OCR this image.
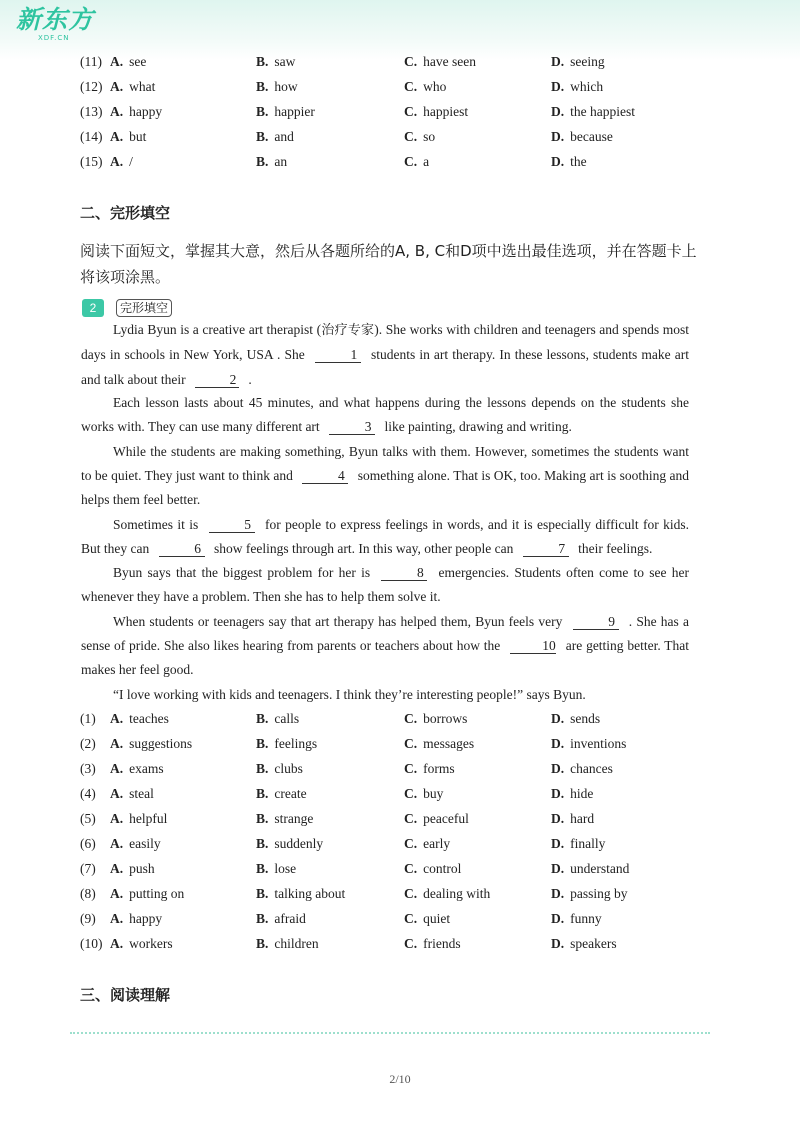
新东方
XDF.CN
(11) A. see	B. saw	C. have seen	D. seeing
(12) A. what	B. how	C. who	D. which
(13) A. happy	B. happier	C. happiest	D. the happiest
(14) A. but	B. and	C. so	D. because
(15) A. /	B. an	C. a	D. the
二、完形填空
阅读下面短文，掌握其大意，然后从各题所给的A, B, C和D项中选出最佳选项，并在答题卡上将该项涂黑。
2 完形填空
Lydia Byun is a creative art therapist (治疗专家). She works with children and teenagers and spends most days in schools in New York, USA . She	1 students in art therapy. In these lessons, students make art and talk about their	2 .
Each lesson lasts about 45 minutes, and what happens during the lessons depends on the students she works with. They can use many different art	3 like painting, drawing and writing.
While the students are making something, Byun talks with them. However, sometimes the students want to be quiet. They just want to think and	4 something alone. That is OK, too. Making art is soothing and helps them feel better.
Sometimes it is	5 for people to express feelings in words, and it is especially difficult for kids. But they can	6 show feelings through art. In this way, other people can	7 their feelings.
Byun says that the biggest problem for her is	8 emergencies. Students often come to see her whenever they have a problem. Then she has to help them solve it.
When students or teenagers say that art therapy has helped them, Byun feels very	9 . She has a sense of pride. She also likes hearing from parents or teachers about how the	10 are getting better. That makes her feel good.
“I love working with kids and teenagers. I think they’re interesting people!” says Byun.
(1) A. teaches	B. calls	C. borrows	D. sends
(2) A. suggestions	B. feelings	C. messages	D. inventions
(3) A. exams	B. clubs	C. forms	D. chances
(4) A. steal	B. create	C. buy	D. hide
(5) A. helpful	B. strange	C. peaceful	D. hard
(6) A. easily	B. suddenly	C. early	D. finally
(7) A. push	B. lose	C. control	D. understand
(8) A. putting on	B. talking about	C. dealing with	D. passing by
(9) A. happy	B. afraid	C. quiet	D. funny
(10) A. workers	B. children	C. friends	D. speakers
三、阅读理解
2/10
